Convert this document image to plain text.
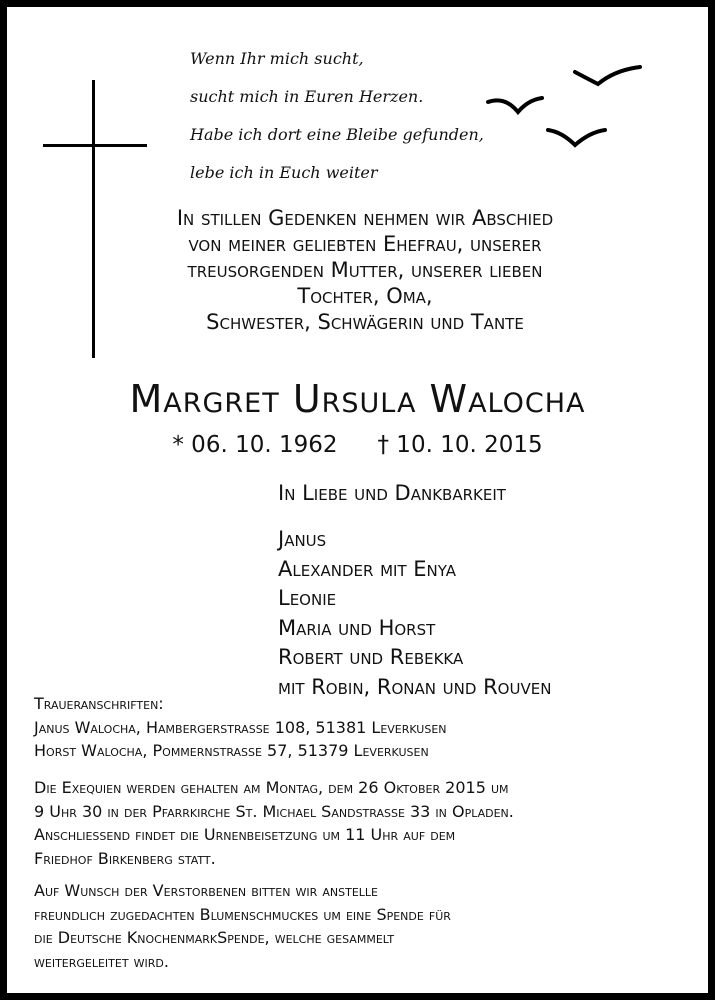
Wenn Ihr mich sucht,
sucht mich in Euren Herzen.
Habe ich dort eine Bleibe gefunden,
lebe ich in Euch weiter
In stillen Gedenken nehmen wir Abschied
von meiner geliebten Ehefrau, unserer
treusorgenden Mutter, unserer lieben
Tochter, Oma,
Schwester, Schwägerin und Tante
Margret Ursula Walocha
* 06. 10. 1962 † 10. 10. 2015
In Liebe und Dankbarkeit
Janus
Alexander mit Enya
Leonie
Maria und Horst
Robert und Rebekka
mit Robin, Ronan und Rouven
Traueranschriften:
Janus Walocha, Hambergerstrasse 108, 51381 Leverkusen
Horst Walocha, Pommernstrasse 57, 51379 Leverkusen
Die Exequien werden gehalten am Montag, dem 26 Oktober 2015 um
9 Uhr 30 in der Pfarrkirche St. Michael Sandstrasse 33 in Opladen.
Anschliessend findet die Urnenbeisetzung um 11 Uhr auf dem
Friedhof Birkenberg statt.
Auf Wunsch der Verstorbenen bitten wir anstelle
freundlich zugedachten Blumenschmuckes um eine Spende für
die Deutsche KnochenmarkSpende, welche gesammelt
weitergeleitet wird.
